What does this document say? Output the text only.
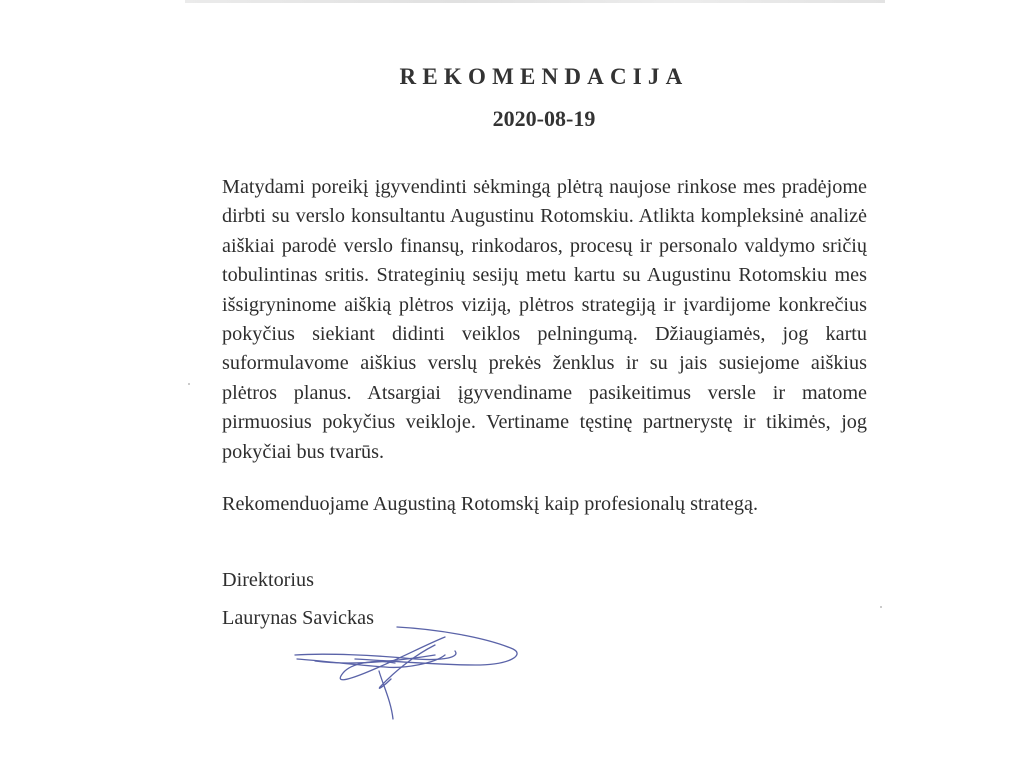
REKOMENDACIJA
2020-08-19
Matydami poreikį įgyvendinti sėkmingą plėtrą naujose rinkose mes pradėjome dirbti su verslo konsultantu Augustinu Rotomskiu. Atlikta kompleksinė analizė aiškiai parodė verslo finansų, rinkodaros, procesų ir personalo valdymo sričių tobulintinas sritis. Strateginių sesijų metu kartu su Augustinu Rotomskiu mes išsigryninome aiškią plėtros viziją, plėtros strategiją ir įvardijome konkrečius pokyčius siekiant didinti veiklos pelningumą. Džiaugiamės, jog kartu suformulavome aiškius verslų prekės ženklus ir su jais susiejome aiškius plėtros planus. Atsargiai įgyvendiname pasikeitimus versle ir matome pirmuosius pokyčius veikloje. Vertiname tęstinę partnerystę ir tikimės, jog pokyčiai bus tvarūs.
Rekomenduojame Augustiną Rotomskį kaip profesionalų strategą.
Direktorius
Laurynas Savickas
